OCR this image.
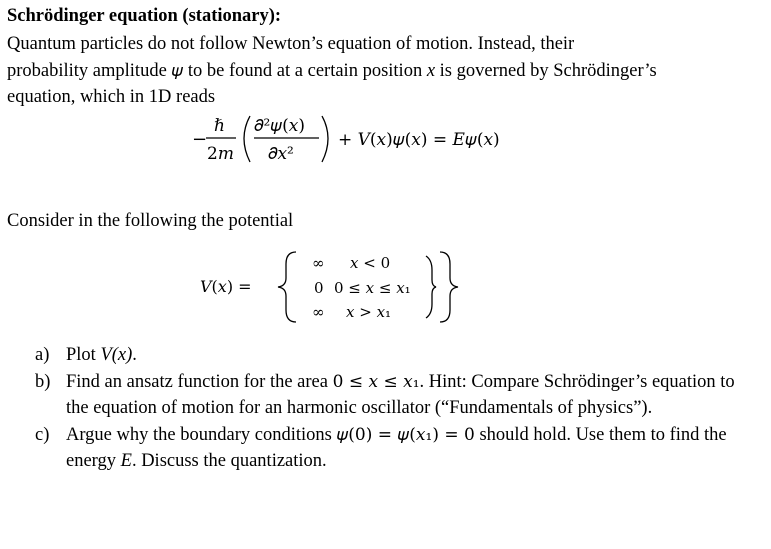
Schrödinger equation (stationary):

Quantum particles do not follow Newton’s equation of motion. Instead, their probability amplitude 𝜓 to be found at a certain position x is governed by Schrödinger’s equation, which in 1D reads

−
ℏ
2𝑚
𝜕²𝜓(𝑥)
𝜕𝑥²
+ 𝑉(𝑥)𝜓(𝑥) = 𝐸𝜓(𝑥)

Consider in the following the potential

𝑉(𝑥) =
∞ 𝑥 < 0
0 0 ≤ 𝑥 ≤ 𝑥₁
∞ 𝑥 > 𝑥₁
a) Plot V(x).
b) Find an ansatz function for the area 0 ≤ 𝑥 ≤ 𝑥₁. Hint: Compare Schrödinger’s equation to the equation of motion for an harmonic oscillator (“Fundamentals of physics”).
c) Argue why the boundary conditions 𝜓(0) = 𝜓(𝑥₁) = 0 should hold. Use them to find the energy E. Discuss the quantization.
